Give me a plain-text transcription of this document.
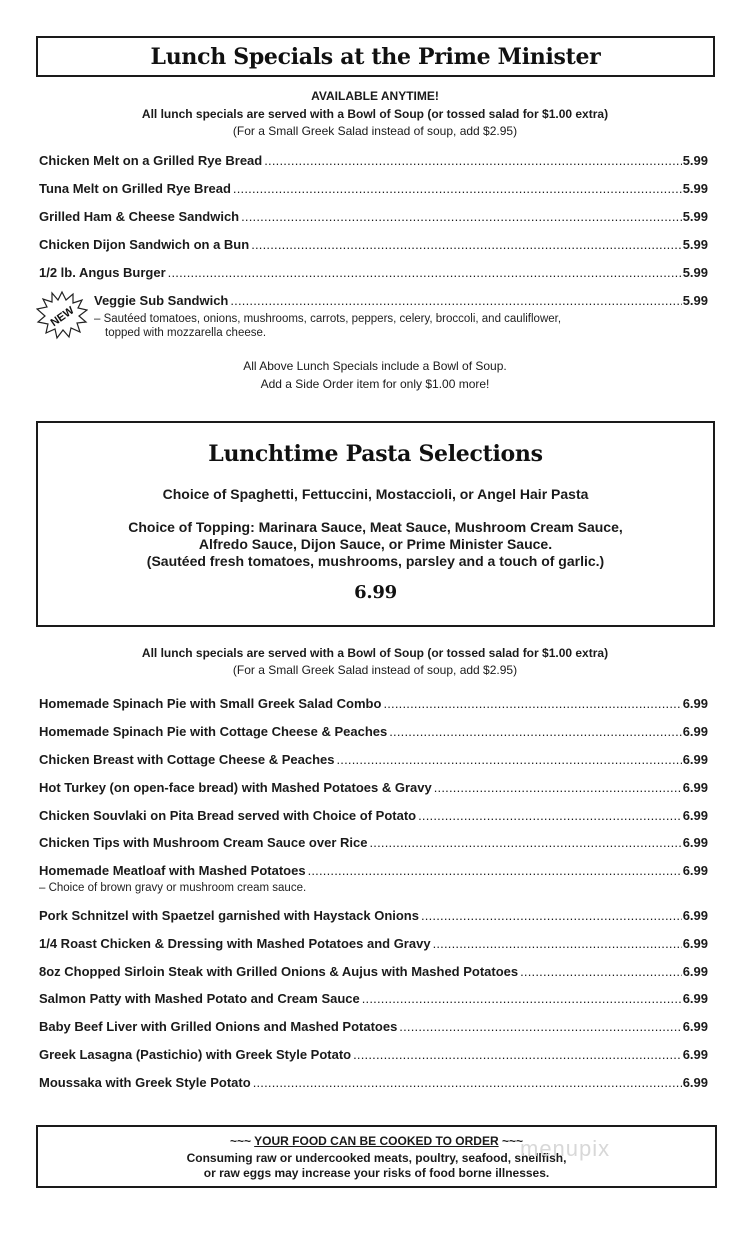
Lunch Specials at the Prime Minister
AVAILABLE ANYTIME!
All lunch specials are served with a Bowl of Soup (or tossed salad for $1.00 extra)
(For a Small Greek Salad instead of soup, add $2.95)
Chicken Melt on a Grilled Rye Bread .....	5.99
Tuna Melt on Grilled Rye Bread .....	5.99
Grilled Ham & Cheese Sandwich .....	5.99
Chicken Dijon Sandwich on a Bun .....	5.99
1/2 lb. Angus Burger .....	5.99
NEW
Veggie Sub Sandwich .....	5.99
– Sautéed tomatoes, onions, mushrooms, carrots, peppers, celery, broccoli, and cauliflower,
topped with mozzarella cheese.
All Above Lunch Specials include a Bowl of Soup.
Add a Side Order item for only $1.00 more!
Lunchtime Pasta Selections
Choice of Spaghetti, Fettuccini, Mostaccioli, or Angel Hair Pasta
Choice of Topping: Marinara Sauce, Meat Sauce, Mushroom Cream Sauce,
Alfredo Sauce, Dijon Sauce, or Prime Minister Sauce.
(Sautéed fresh tomatoes, mushrooms, parsley and a touch of garlic.)
6.99
All lunch specials are served with a Bowl of Soup (or tossed salad for $1.00 extra)
(For a Small Greek Salad instead of soup, add $2.95)
Homemade Spinach Pie with Small Greek Salad Combo .....	6.99
Homemade Spinach Pie with Cottage Cheese & Peaches .....	6.99
Chicken Breast with Cottage Cheese & Peaches .....	6.99
Hot Turkey (on open-face bread) with Mashed Potatoes & Gravy .....	6.99
Chicken Souvlaki on Pita Bread served with Choice of Potato .....	6.99
Chicken Tips with Mushroom Cream Sauce over Rice .....	6.99
Homemade Meatloaf with Mashed Potatoes .....	6.99
– Choice of brown gravy or mushroom cream sauce.
Pork Schnitzel with Spaetzel garnished with Haystack Onions .....	6.99
1/4 Roast Chicken & Dressing with Mashed Potatoes and Gravy .....	6.99
8oz Chopped Sirloin Steak with Grilled Onions & Aujus with Mashed Potatoes .....	6.99
Salmon Patty with Mashed Potato and Cream Sauce .....	6.99
Baby Beef Liver with Grilled Onions and Mashed Potatoes .....	6.99
Greek Lasagna (Pastichio) with Greek Style Potato .....	6.99
Moussaka with Greek Style Potato .....	6.99
~~~ YOUR FOOD CAN BE COOKED TO ORDER ~~~
Consuming raw or undercooked meats, poultry, seafood, shellfish,
or raw eggs may increase your risks of food borne illnesses.
menupix
